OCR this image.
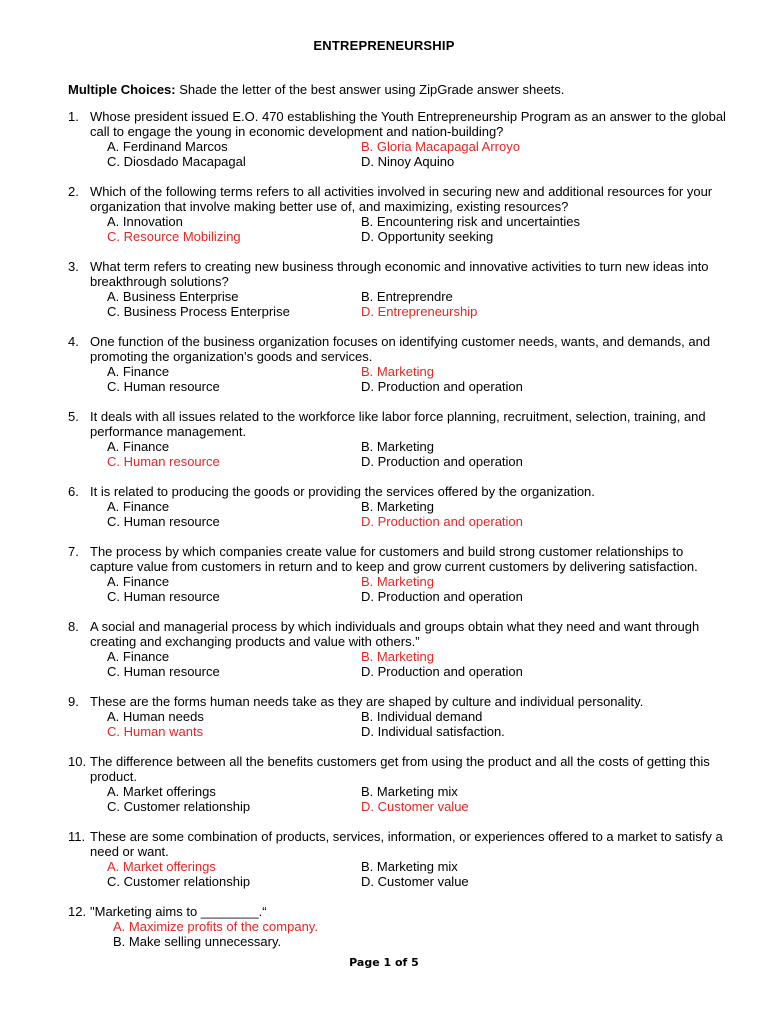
ENTREPRENEURSHIP
Multiple Choices: Shade the letter of the best answer using ZipGrade answer sheets.
1. Whose president issued E.O. 470 establishing the Youth Entrepreneurship Program as an answer to the global call to engage the young in economic development and nation-building?
A. Ferdinand Marcos	B. Gloria Macapagal Arroyo
C. Diosdado Macapagal	D. Ninoy Aquino
2. Which of the following terms refers to all activities involved in securing new and additional resources for your organization that involve making better use of, and maximizing, existing resources?
A. Innovation	B. Encountering risk and uncertainties
C. Resource Mobilizing	D. Opportunity seeking
3. What term refers to creating new business through economic and innovative activities to turn new ideas into breakthrough solutions?
A. Business Enterprise	B. Entreprendre
C. Business Process Enterprise	D. Entrepreneurship
4. One function of the business organization focuses on identifying customer needs, wants, and demands, and promoting the organization’s goods and services.
A. Finance	B. Marketing
C. Human resource	D. Production and operation
5. It deals with all issues related to the workforce like labor force planning, recruitment, selection, training, and performance management.
A. Finance	B. Marketing
C. Human resource	D. Production and operation
6. It is related to producing the goods or providing the services offered by the organization.
A. Finance	B. Marketing
C. Human resource	D. Production and operation
7. The process by which companies create value for customers and build strong customer relationships to capture value from customers in return and to keep and grow current customers by delivering satisfaction.
A. Finance	B. Marketing
C. Human resource	D. Production and operation
8. A social and managerial process by which individuals and groups obtain what they need and want through creating and exchanging products and value with others.”
A. Finance	B. Marketing
C. Human resource	D. Production and operation
9. These are the forms human needs take as they are shaped by culture and individual personality.
A. Human needs	B. Individual demand
C. Human wants	D. Individual satisfaction.
10. The difference between all the benefits customers get from using the product and all the costs of getting this product.
A. Market offerings	B. Marketing mix
C. Customer relationship	D. Customer value
11. These are some combination of products, services, information, or experiences offered to a market to satisfy a need or want.
A. Market offerings	B. Marketing mix
C. Customer relationship	D. Customer value
12. "Marketing aims to ________.“
A. Maximize profits of the company.
B. Make selling unnecessary.
Page 1 of 5
